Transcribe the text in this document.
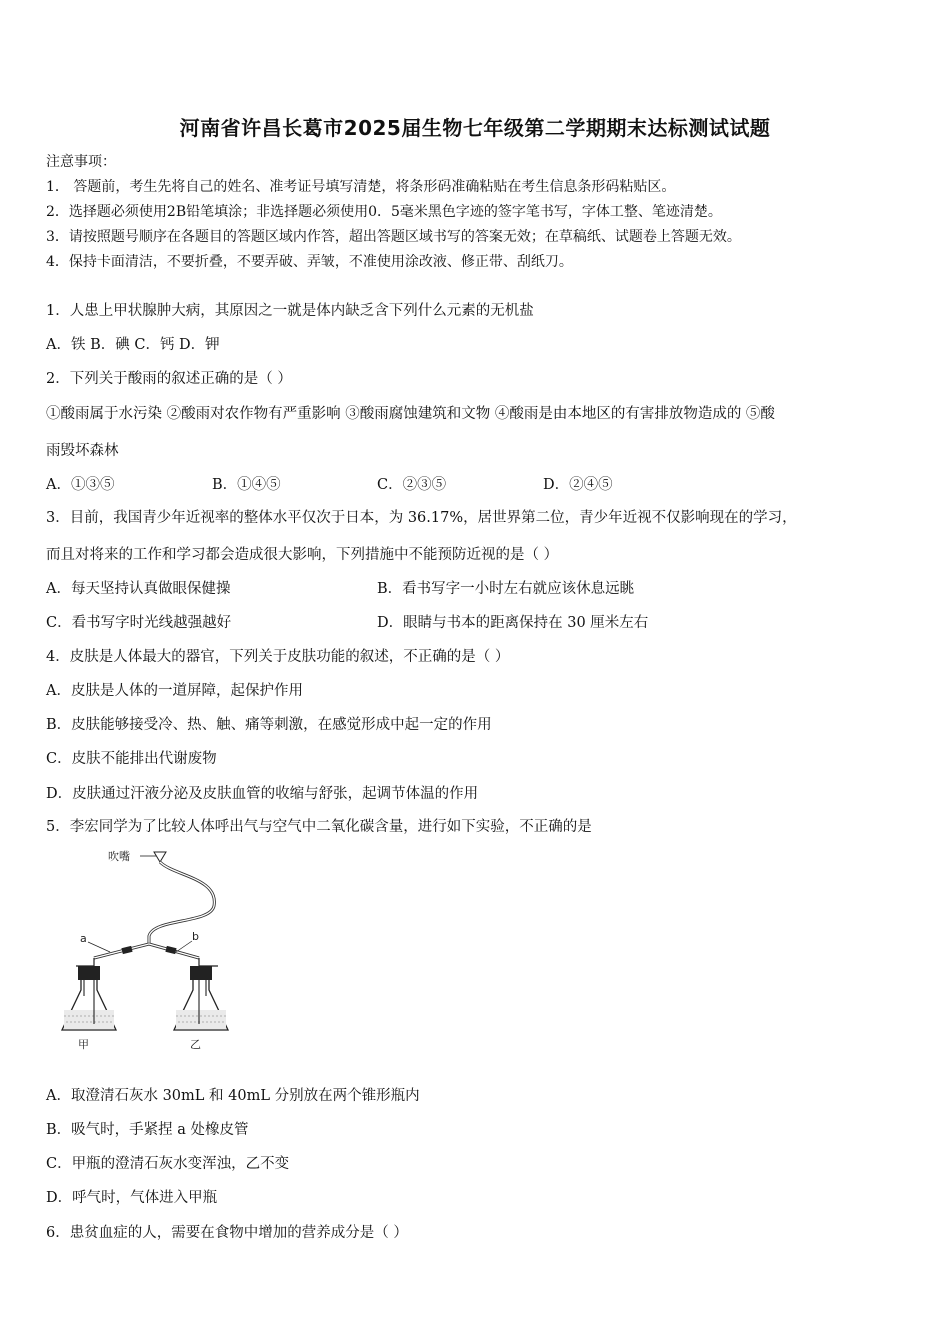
河南省许昌长葛市2025届生物七年级第二学期期末达标测试试题
注意事项：
1． 答题前，考生先将自己的姓名、准考证号填写清楚，将条形码准确粘贴在考生信息条形码粘贴区。
2．选择题必须使用2B铅笔填涂；非选择题必须使用0．5毫米黑色字迹的签字笔书写，字体工整、笔迹清楚。
3．请按照题号顺序在各题目的答题区域内作答，超出答题区域书写的答案无效；在草稿纸、试题卷上答题无效。
4．保持卡面清洁，不要折叠，不要弄破、弄皱，不准使用涂改液、修正带、刮纸刀。
1．人患上甲状腺肿大病，其原因之一就是体内缺乏含下列什么元素的无机盐
A．铁 B．碘 C．钙 D．钾
2．下列关于酸雨的叙述正确的是（ ）
①酸雨属于水污染 ②酸雨对农作物有严重影响 ③酸雨腐蚀建筑和文物 ④酸雨是由本地区的有害排放物造成的 ⑤酸
雨毁坏森林
A．①③⑤	B．①④⑤	C．②③⑤	D．②④⑤
3．目前，我国青少年近视率的整体水平仅次于日本，为 36.17%，居世界第二位，青少年近视不仅影响现在的学习，
而且对将来的工作和学习都会造成很大影响，下列措施中不能预防近视的是（ ）
A．每天坚持认真做眼保健操	B．看书写字一小时左右就应该休息远眺
C．看书写字时光线越强越好	D．眼睛与书本的距离保持在 30 厘米左右
4．皮肤是人体最大的器官，下列关于皮肤功能的叙述，不正确的是（ ）
A．皮肤是人体的一道屏障，起保护作用
B．皮肤能够接受冷、热、触、痛等刺激，在感觉形成中起一定的作用
C．皮肤不能排出代谢废物
D．皮肤通过汗液分泌及皮肤血管的收缩与舒张，起调节体温的作用
5．李宏同学为了比较人体呼出气与空气中二氧化碳含量，进行如下实验，不正确的是
吹嘴
a	b
甲	乙
A．取澄清石灰水 30mL 和 40mL 分别放在两个锥形瓶内
B．吸气时，手紧捏 a 处橡皮管
C．甲瓶的澄清石灰水变浑浊，乙不变
D．呼气时，气体进入甲瓶
6．患贫血症的人，需要在食物中增加的营养成分是（ ）
